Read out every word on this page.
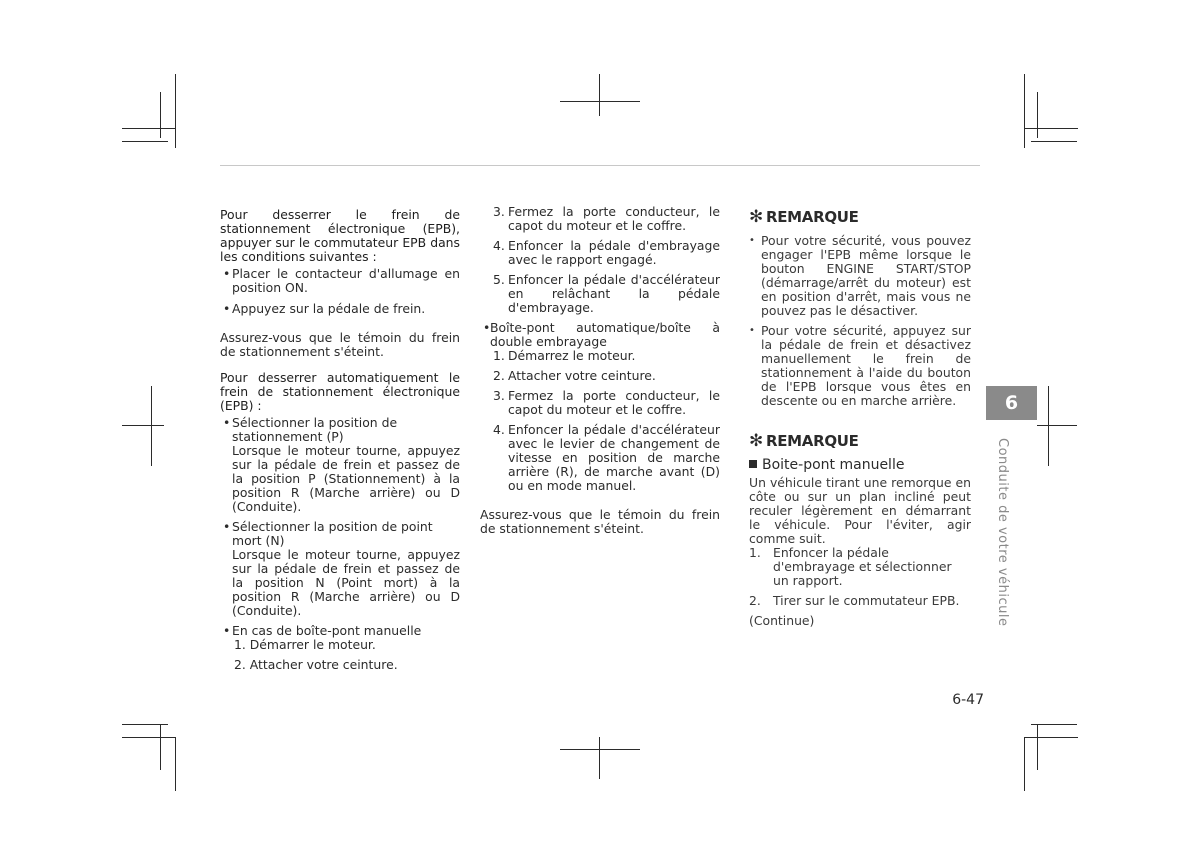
Pour desserrer le frein de stationnement électronique (EPB), appuyer sur le commutateur EPB dans les conditions suivantes :

• Placer le contacteur d'allumage en position ON.

• Appuyez sur la pédale de frein.

Assurez-vous que le témoin du frein de stationnement s'éteint.

Pour desserrer automatiquement le frein de stationnement électronique (EPB) :

• Sélectionner la position de stationnement (P)

Lorsque le moteur tourne, appuyez sur la pédale de frein et passez de la position P (Stationnement) à la position R (Marche arrière) ou D (Conduite).

• Sélectionner la position de point mort (N)

Lorsque le moteur tourne, appuyez sur la pédale de frein et passez de la position N (Point mort) à la position R (Marche arrière) ou D (Conduite).

• En cas de boîte-pont manuelle

1. Démarrer le moteur.

2. Attacher votre ceinture.

3. Fermez la porte conducteur, le capot du moteur et le coffre.
4. Enfoncer la pédale d'embrayage avec le rapport engagé.
5. Enfoncer la pédale d'accélérateur en relâchant la pédale d'embrayage.

• Boîte-pont automatique/boîte à double embrayage

1. Démarrez le moteur.
2. Attacher votre ceinture.
3. Fermez la porte conducteur, le capot du moteur et le coffre.
4. Enfoncer la pédale d'accélérateur avec le levier de changement de vitesse en position de marche arrière (R), de marche avant (D) ou en mode manuel.

Assurez-vous que le témoin du frein de stationnement s'éteint.

✻ REMARQUE

• Pour votre sécurité, vous pouvez engager l'EPB même lorsque le bouton ENGINE START/STOP (démarrage/arrêt du moteur) est en position d'arrêt, mais vous ne pouvez pas le désactiver.

• Pour votre sécurité, appuyez sur la pédale de frein et désactivez manuellement le frein de stationnement à l'aide du bouton de l'EPB lorsque vous êtes en descente ou en marche arrière.

✻ REMARQUE

Boite-pont manuelle

Un véhicule tirant une remorque en côte ou sur un plan incliné peut reculer légèrement en démarrant le véhicule. Pour l'éviter, agir comme suit.

1. Enfoncer la pédale d'embrayage et sélectionner un rapport.
2. Tirer sur le commutateur EPB.

(Continue)

6
Conduite de votre véhicule
6-47
